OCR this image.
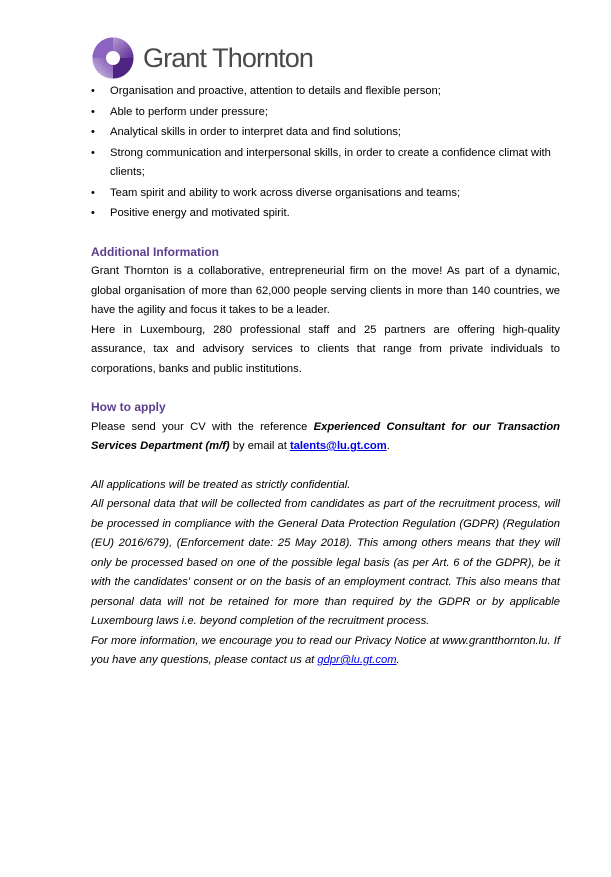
Grant Thornton
• Organisation and proactive, attention to details and flexible person;
• Able to perform under pressure;
• Analytical skills in order to interpret data and find solutions;
• Strong communication and interpersonal skills, in order to create a confidence climat with clients;
• Team spirit and ability to work across diverse organisations and teams;
• Positive energy and motivated spirit.
Additional Information

Grant Thornton is a collaborative, entrepreneurial firm on the move! As part of a dynamic, global organisation of more than 62,000 people serving clients in more than 140 countries, we have the agility and focus it takes to be a leader.

Here in Luxembourg, 280 professional staff and 25 partners are offering high-quality assurance, tax and advisory services to clients that range from private individuals to corporations, banks and public institutions.

How to apply

Please send your CV with the reference Experienced Consultant for our Transaction Services Department (m/f) by email at talents@lu.gt.com.

All applications will be treated as strictly confidential.

All personal data that will be collected from candidates as part of the recruitment process, will be processed in compliance with the General Data Protection Regulation (GDPR) (Regulation (EU) 2016/679), (Enforcement date: 25 May 2018). This among others means that they will only be processed based on one of the possible legal basis (as per Art. 6 of the GDPR), be it with the candidates' consent or on the basis of an employment contract. This also means that personal data will not be retained for more than required by the GDPR or by applicable Luxembourg laws i.e. beyond completion of the recruitment process.

For more information, we encourage you to read our Privacy Notice at www.grantthornton.lu. If you have any questions, please contact us at gdpr@lu.gt.com.
